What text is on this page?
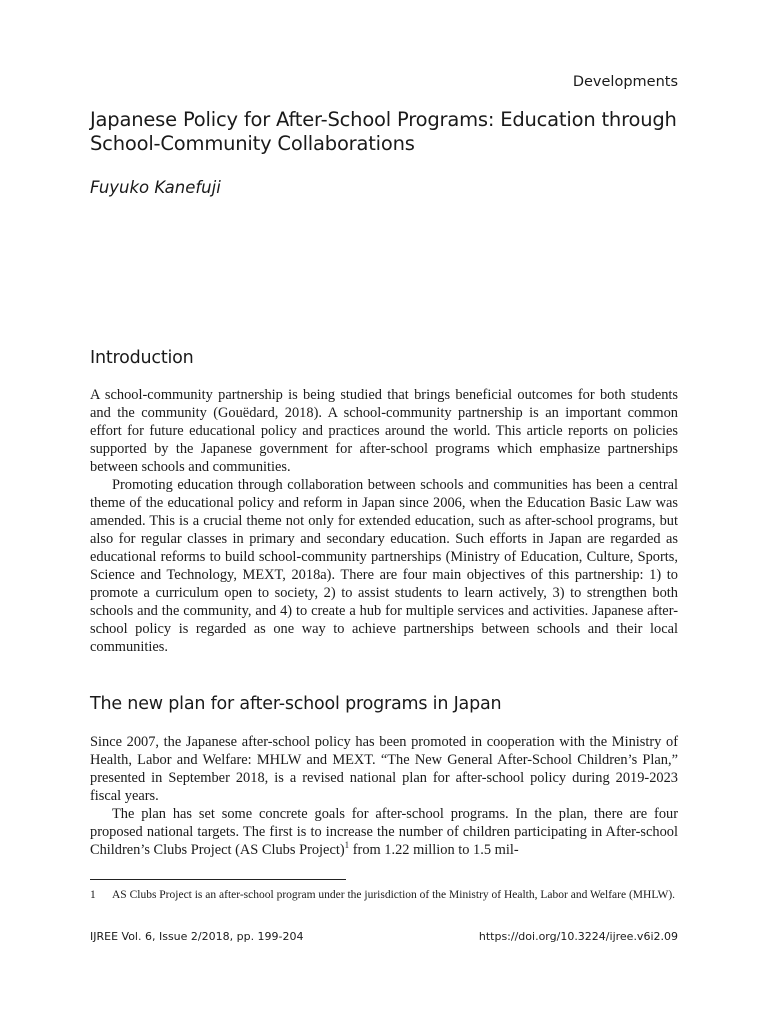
Developments
Japanese Policy for After-School Programs: Education through School-Community Collaborations
Fuyuko Kanefuji
Introduction

A school-community partnership is being studied that brings beneficial outcomes for both students and the community (Gouëdard, 2018). A school-community partnership is an important common effort for future educational policy and practices around the world. This article reports on policies supported by the Japanese government for after-school programs which emphasize partnerships between schools and communities.

Promoting education through collaboration between schools and communities has been a central theme of the educational policy and reform in Japan since 2006, when the Education Basic Law was amended. This is a crucial theme not only for extended education, such as after-school programs, but also for regular classes in primary and secondary education. Such efforts in Japan are regarded as educational reforms to build school-community partnerships (Ministry of Education, Culture, Sports, Science and Technology, MEXT, 2018a). There are four main objectives of this partnership: 1) to promote a curriculum open to society, 2) to assist students to learn actively, 3) to strengthen both schools and the community, and 4) to create a hub for multiple services and activities. Japanese after-school policy is regarded as one way to achieve partnerships between schools and their local communities.

The new plan for after-school programs in Japan

Since 2007, the Japanese after-school policy has been promoted in cooperation with the Ministry of Health, Labor and Welfare: MHLW and MEXT. “The New General After-School Children’s Plan,” presented in September 2018, is a revised national plan for after-school policy during 2019-2023 fiscal years.

The plan has set some concrete goals for after-school programs. In the plan, there are four proposed national targets. The first is to increase the number of children participating in After-school Children’s Clubs Project (AS Clubs Project)$^1$ from 1.22 million to 1.5 mil-

1 AS Clubs Project is an after-school program under the jurisdiction of the Ministry of Health, Labor and Welfare (MHLW).
IJREE Vol. 6, Issue 2/2018, pp. 199-204	https://doi.org/10.3224/ijree.v6i2.09
